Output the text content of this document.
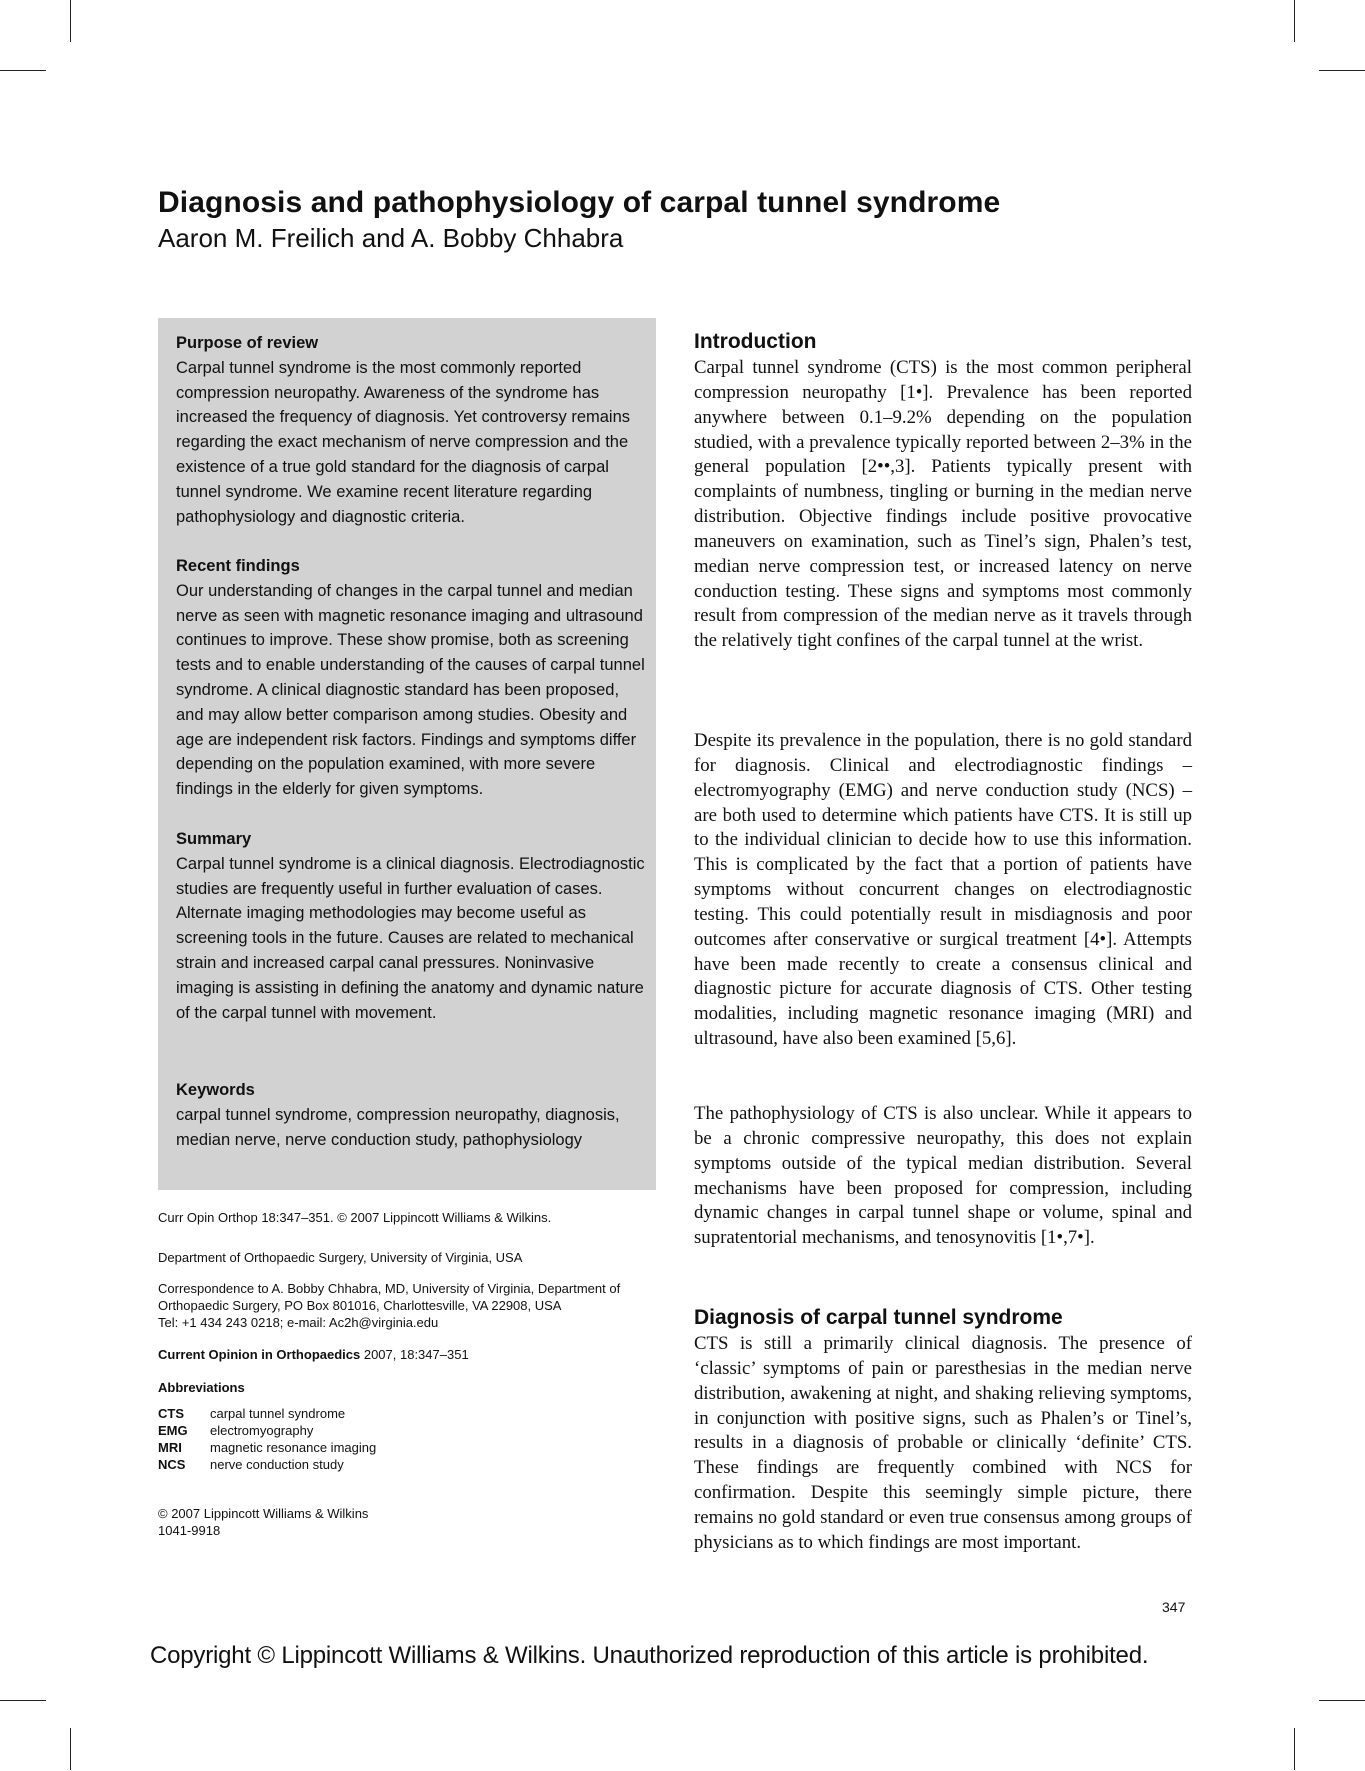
Diagnosis and pathophysiology of carpal tunnel syndrome

Aaron M. Freilich and A. Bobby Chhabra

Purpose of review

Carpal tunnel syndrome is the most commonly reported compression neuropathy. Awareness of the syndrome has increased the frequency of diagnosis. Yet controversy remains regarding the exact mechanism of nerve compression and the existence of a true gold standard for the diagnosis of carpal tunnel syndrome. We examine recent literature regarding pathophysiology and diagnostic criteria.

Recent findings

Our understanding of changes in the carpal tunnel and median nerve as seen with magnetic resonance imaging and ultrasound continues to improve. These show promise, both as screening tests and to enable understanding of the causes of carpal tunnel syndrome. A clinical diagnostic standard has been proposed, and may allow better comparison among studies. Obesity and age are independent risk factors. Findings and symptoms differ depending on the population examined, with more severe findings in the elderly for given symptoms.

Summary

Carpal tunnel syndrome is a clinical diagnosis. Electrodiagnostic studies are frequently useful in further evaluation of cases. Alternate imaging methodologies may become useful as screening tools in the future. Causes are related to mechanical strain and increased carpal canal pressures. Noninvasive imaging is assisting in defining the anatomy and dynamic nature of the carpal tunnel with movement.

Keywords

carpal tunnel syndrome, compression neuropathy, diagnosis, median nerve, nerve conduction study, pathophysiology

Curr Opin Orthop 18:347–351. © 2007 Lippincott Williams & Wilkins.

Department of Orthopaedic Surgery, University of Virginia, USA

Correspondence to A. Bobby Chhabra, MD, University of Virginia, Department of Orthopaedic Surgery, PO Box 801016, Charlottesville, VA 22908, USA

Tel: +1 434 243 0218; e-mail: Ac2h@virginia.edu

Current Opinion in Orthopaedics 2007, 18:347–351

Abbreviations

CTS	carpal tunnel syndrome
EMG	electromyography
MRI	magnetic resonance imaging
NCS	nerve conduction study

© 2007 Lippincott Williams & Wilkins

1041-9918

Introduction

Carpal tunnel syndrome (CTS) is the most common peripheral compression neuropathy [1•]. Prevalence has been reported anywhere between 0.1–9.2% depending on the population studied, with a prevalence typically reported between 2–3% in the general population [2••,3]. Patients typically present with complaints of numbness, tingling or burning in the median nerve distribution. Objective findings include positive provocative maneuvers on examination, such as Tinel’s sign, Phalen’s test, median nerve compression test, or increased latency on nerve conduction testing. These signs and symptoms most commonly result from compression of the median nerve as it travels through the relatively tight confines of the carpal tunnel at the wrist.

Despite its prevalence in the population, there is no gold standard for diagnosis. Clinical and electrodiagnostic findings – electromyography (EMG) and nerve conduction study (NCS) – are both used to determine which patients have CTS. It is still up to the individual clinician to decide how to use this information. This is complicated by the fact that a portion of patients have symptoms without concurrent changes on electrodiagnostic testing. This could potentially result in misdiagnosis and poor outcomes after conservative or surgical treatment [4•]. Attempts have been made recently to create a consensus clinical and diagnostic picture for accurate diagnosis of CTS. Other testing modalities, including magnetic resonance imaging (MRI) and ultrasound, have also been examined [5,6].

The pathophysiology of CTS is also unclear. While it appears to be a chronic compressive neuropathy, this does not explain symptoms outside of the typical median distribution. Several mechanisms have been proposed for compression, including dynamic changes in carpal tunnel shape or volume, spinal and supratentorial mechanisms, and tenosynovitis [1•,7•].

Diagnosis of carpal tunnel syndrome

CTS is still a primarily clinical diagnosis. The presence of ‘classic’ symptoms of pain or paresthesias in the median nerve distribution, awakening at night, and shaking relieving symptoms, in conjunction with positive signs, such as Phalen’s or Tinel’s, results in a diagnosis of probable or clinically ‘definite’ CTS. These findings are frequently combined with NCS for confirmation. Despite this seemingly simple picture, there remains no gold standard or even true consensus among groups of physicians as to which findings are most important.

347

Copyright © Lippincott Williams & Wilkins. Unauthorized reproduction of this article is prohibited.
